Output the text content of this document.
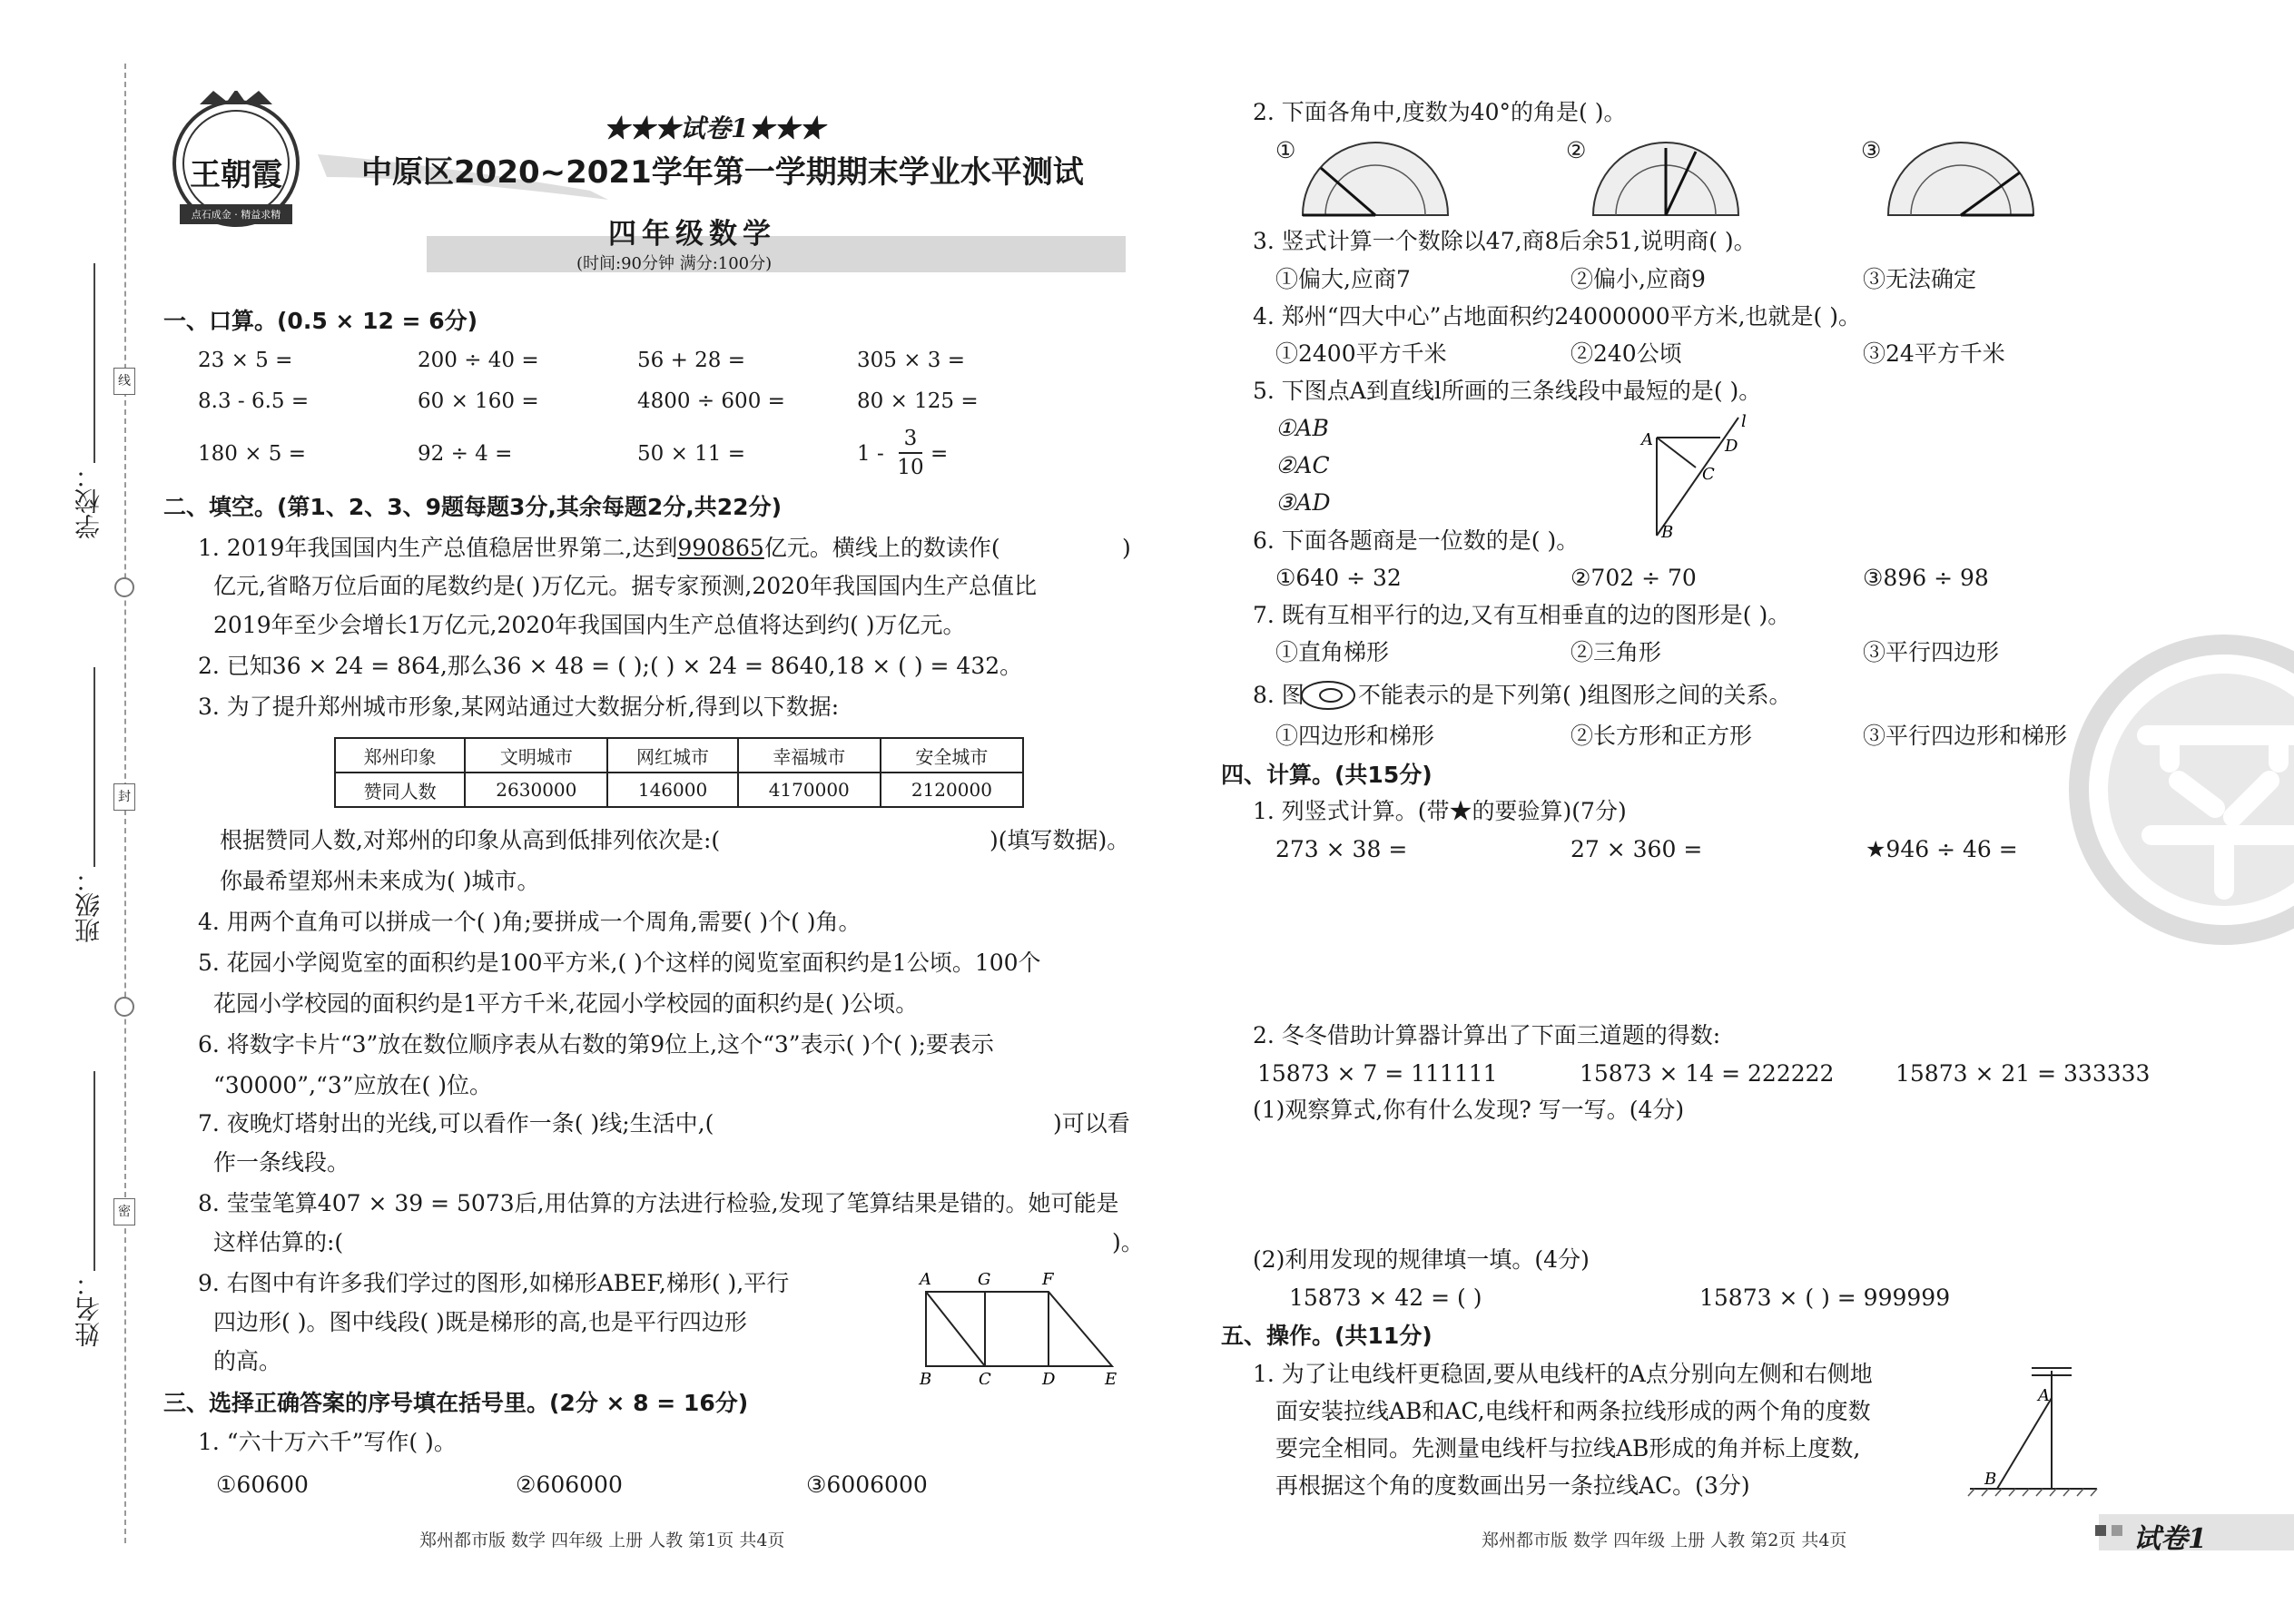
线
封
密
学校：
班级：
姓名：
王朝霞
点石成金 · 精益求精
★★★试卷1★★★
中原区2020~2021学年第一学期期末学业水平测试
四年级数学
(时间:90分钟 满分:100分)
一、口算。(0.5 × 12 = 6分)
23 × 5 =	200 ÷ 40 =	56 + 28 =	305 × 3 =
8.3 - 6.5 =	60 × 160 =	4800 ÷ 600 =	80 × 125 =
180 × 5 =	92 ÷ 4 =	50 × 11 =	1 -
3
10
=
二、填空。(第1、2、3、9题每题3分,其余每题2分,共22分)
1. 2019年我国国内生产总值稳居世界第二,达到990865亿元。横线上的数读作(	)
亿元,省略万位后面的尾数约是( )万亿元。据专家预测,2020年我国国内生产总值比
2019年至少会增长1万亿元,2020年我国国内生产总值将达到约( )万亿元。
2. 已知36 × 24 = 864,那么36 × 48 = ( );( ) × 24 = 8640,18 × ( ) = 432。
3. 为了提升郑州城市形象,某网站通过大数据分析,得到以下数据:
郑州印象	文明城市	网红城市	幸福城市	安全城市
赞同人数	2630000	146000	4170000	2120000
根据赞同人数,对郑州的印象从高到低排列依次是:(	)(填写数据)。
你最希望郑州未来成为( )城市。
4. 用两个直角可以拼成一个( )角;要拼成一个周角,需要( )个( )角。
5. 花园小学阅览室的面积约是100平方米,( )个这样的阅览室面积约是1公顷。100个
花园小学校园的面积约是1平方千米,花园小学校园的面积约是( )公顷。
6. 将数字卡片“3”放在数位顺序表从右数的第9位上,这个“3”表示( )个( );要表示
“30000”,“3”应放在( )位。
7. 夜晚灯塔射出的光线,可以看作一条( )线;生活中,(	)可以看
作一条线段。
8. 莹莹笔算407 × 39 = 5073后,用估算的方法进行检验,发现了笔算结果是错的。她可能是
这样估算的:(	)。
9. 右图中有许多我们学过的图形,如梯形ABEF,梯形( ),平行
四边形( )。图中线段( )既是梯形的高,也是平行四边形
的高。
A	G	F
B	C	D	E
三、选择正确答案的序号填在括号里。(2分 × 8 = 16分)
1. “六十万六千”写作( )。
①60600	②606000	③6006000
郑州都市版 数学 四年级 上册 人教 第1页 共4页
2. 下面各角中,度数为40°的角是( )。
①	②	③
3. 竖式计算一个数除以47,商8后余51,说明商( )。
①偏大,应商7	②偏小,应商9	③无法确定
4. 郑州“四大中心”占地面积约24000000平方米,也就是( )。
①2400平方千米	②240公顷	③24平方千米
5. 下图点A到直线l所画的三条线段中最短的是( )。
①AB
②AC
③AD
A
l
D
C
B
6. 下面各题商是一位数的是( )。
①640 ÷ 32	②702 ÷ 70	③896 ÷ 98
7. 既有互相平行的边,又有互相垂直的边的图形是( )。
①直角梯形	②三角形	③平行四边形
8. 图 不能表示的是下列第( )组图形之间的关系。
①四边形和梯形	②长方形和正方形	③平行四边形和梯形
四、计算。(共15分)
1. 列竖式计算。(带★的要验算)(7分)
273 × 38 =	27 × 360 =	★946 ÷ 46 =
2. 冬冬借助计算器计算出了下面三道题的得数:
15873 × 7 = 111111	15873 × 14 = 222222	15873 × 21 = 333333
(1)观察算式,你有什么发现? 写一写。(4分)
(2)利用发现的规律填一填。(4分)
15873 × 42 = ( )	15873 × ( ) = 999999
五、操作。(共11分)
1. 为了让电线杆更稳固,要从电线杆的A点分别向左侧和右侧地
面安装拉线AB和AC,电线杆和两条拉线形成的两个角的度数
要完全相同。先测量电线杆与拉线AB形成的角并标上度数,
再根据这个角的度数画出另一条拉线AC。(3分)
A
B
郑州都市版 数学 四年级 上册 人教 第2页 共4页	试卷1
